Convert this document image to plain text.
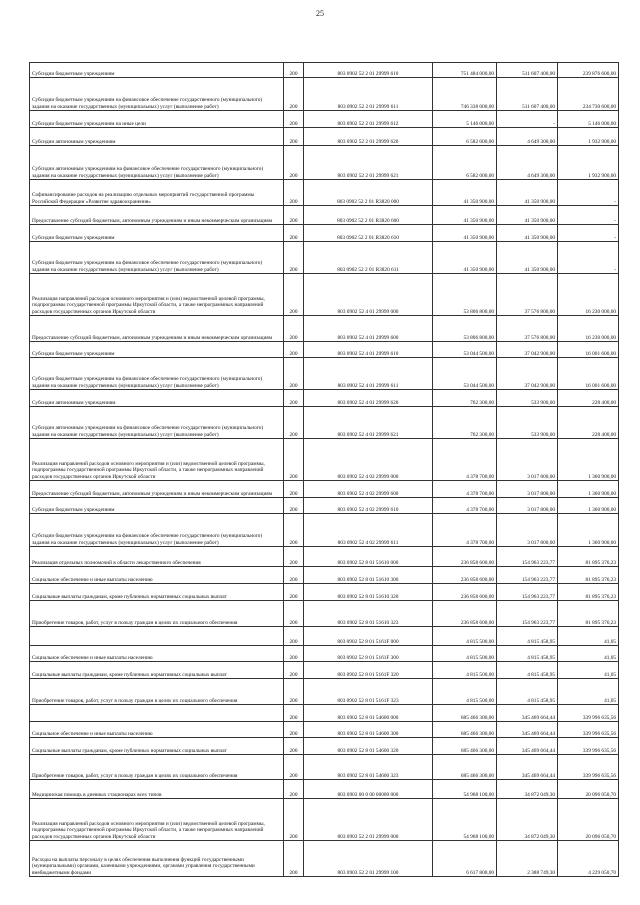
25
Субсидии бюджетным учреждениям	200	803 0902 52 2 01 29999 610	751 484 000,00	511 607 400,00	239 876 600,00
Субсидии бюджетным учреждениям на финансовое обеспечение государственного (муниципального) задания на оказание государственных (муниципальных) услуг (выполнение работ)	200	803 0902 52 2 01 29999 611	746 338 000,00	511 607 400,00	234 730 600,00
Субсидии бюджетным учреждениям на иные цели	200	803 0902 52 2 01 29999 612	5 146 000,00	-	5 146 000,00
Субсидии автономным учреждениям	200	803 0902 52 2 01 29999 620	6 582 000,00	4 649 300,00	1 932 900,00
Субсидии автономным учреждениям на финансовое обеспечение государственного (муниципального) задания на оказание государственных (муниципальных) услуг (выполнение работ)	200	803 0902 52 2 01 29999 621	6 582 000,00	4 649 300,00	1 932 900,00
Софинансирование расходов на реализацию отдельных мероприятий государственной программы Российской Федерации «Развитие здравоохранения»	200	803 0902 52 2 01 R3820 000	41 350 900,00	41 350 900,00	-
Предоставление субсидий бюджетным, автономным учреждениям и иным некоммерческим организациям	200	803 0902 52 2 01 R3820 600	41 350 900,00	41 350 900,00	-
Субсидии бюджетным учреждениям	200	803 0902 52 2 01 R3820 610	41 350 900,00	41 350 900,00	-
Субсидии бюджетным учреждениям на финансовое обеспечение государственного (муниципального) задания на оказание государственных (муниципальных) услуг (выполнение работ)	200	803 0902 52 2 01 R3820 611	41 350 900,00	41 350 900,00	-
Реализация направлений расходов основного мероприятия и (или) ведомственной целевой программы, подпрограммы государственной программы Иркутской области, а также непрограммных направлений расходов государственных органов Иркутской области	200	803 0902 52 4 01 29999 000	53 806 800,00	37 576 800,00	16 230 000,00
Предоставление субсидий бюджетным, автономным учреждениям и иным некоммерческим организациям	200	803 0902 52 4 01 29999 600	53 806 800,00	37 576 800,00	16 230 000,00
Субсидии бюджетным учреждениям	200	803 0902 52 4 01 29999 610	53 044 500,00	37 042 900,00	16 001 600,00
Субсидии бюджетным учреждениям на финансовое обеспечение государственного (муниципального) задания на оказание государственных (муниципальных) услуг (выполнение работ)	200	803 0902 52 4 01 29999 611	53 044 500,00	37 042 900,00	16 001 600,00
Субсидии автономным учреждениям	200	803 0902 52 4 01 29999 620	762 300,00	533 900,00	228 400,00
Субсидии автономным учреждениям на финансовое обеспечение государственного (муниципального) задания на оказание государственных (муниципальных) услуг (выполнение работ)	200	803 0902 52 4 01 29999 621	762 300,00	533 900,00	228 400,00
Реализация направлений расходов основного мероприятия и (или) ведомственной целевой программы, подпрограммы государственной программы Иркутской области, а также непрограммных направлений расходов государственных органов Иркутской области	200	803 0902 52 4 02 29999 000	4 378 700,00	3 017 800,00	1 360 900,00
Предоставление субсидий бюджетным, автономным учреждениям и иным некоммерческим организациям	200	803 0902 52 4 02 29999 600	4 378 700,00	3 017 800,00	1 360 900,00
Субсидии бюджетным учреждениям	200	803 0902 52 4 02 29999 610	4 378 700,00	3 017 800,00	1 360 900,00
Субсидии бюджетным учреждениям на финансовое обеспечение государственного (муниципального) задания на оказание государственных (муниципальных) услуг (выполнение работ)	200	803 0902 52 4 02 29999 611	4 378 700,00	3 017 800,00	1 360 900,00
Реализация отдельных полномочий в области лекарственного обеспечения	200	803 0902 52 8 01 51610 000	236 858 600,00	154 963 223,77	81 895 376,23
Социальное обеспечение и иные выплаты населению	200	803 0902 52 8 01 51610 300	236 858 600,00	154 963 223,77	81 895 376,23
Социальные выплаты гражданам, кроме публичных нормативных социальных выплат	200	803 0902 52 8 01 51610 320	236 858 600,00	154 963 223,77	81 895 376,23
Приобретение товаров, работ, услуг в пользу граждан в целях их социального обеспечения	200	803 0902 52 8 01 51610 323	236 858 600,00	154 963 223,77	81 895 376,23
	200	803 0902 52 8 01 5161F 000	4 815 500,00	4 815 458,95	41,05
Социальное обеспечение и иные выплаты населению	200	803 0902 52 8 01 5161F 300	4 815 500,00	4 815 458,95	41,05
Социальные выплаты гражданам, кроме публичных нормативных социальных выплат	200	803 0902 52 8 01 5161F 320	4 815 500,00	4 815 458,95	41,05
Приобретение товаров, работ, услуг в пользу граждан в целях их социального обеспечения	200	803 0902 52 8 01 5161F 323	4 815 500,00	4 815 458,95	41,05
	200	803 0902 52 8 01 54600 000	685 466 300,00	345 469 664,44	339 996 635,56
Социальное обеспечение и иные выплаты населению	200	803 0902 52 8 01 54600 300	685 466 300,00	345 469 664,44	339 996 635,56
Социальные выплаты гражданам, кроме публичных нормативных социальных выплат	200	803 0902 52 8 01 54600 320	685 466 300,00	345 469 664,44	339 996 635,56
Приобретение товаров, работ, услуг в пользу граждан в целях их социального обеспечения	200	803 0902 52 8 01 54600 323	685 466 300,00	345 469 664,44	339 996 635,56
Медицинская помощь в дневных стационарах всех типов	200	803 0903 00 0 00 00000 000	54 968 100,00	34 872 049,30	20 096 050,70
Реализация направлений расходов основного мероприятия и (или) ведомственной целевой программы, подпрограммы государственной программы Иркутской области, а также непрограммных направлений расходов государственных органов Иркутской области	200	803 0903 52 2 01 29999 000	54 968 100,00	34 872 049,30	20 096 050,70
Расходы на выплаты персоналу в целях обеспечения выполнения функций государственными (муниципальными) органами, казенными учреждениями, органами управления государственными внебюджетными фондами	200	803 0903 52 2 01 29999 100	6 617 800,00	2 388 749,30	4 229 050,70
